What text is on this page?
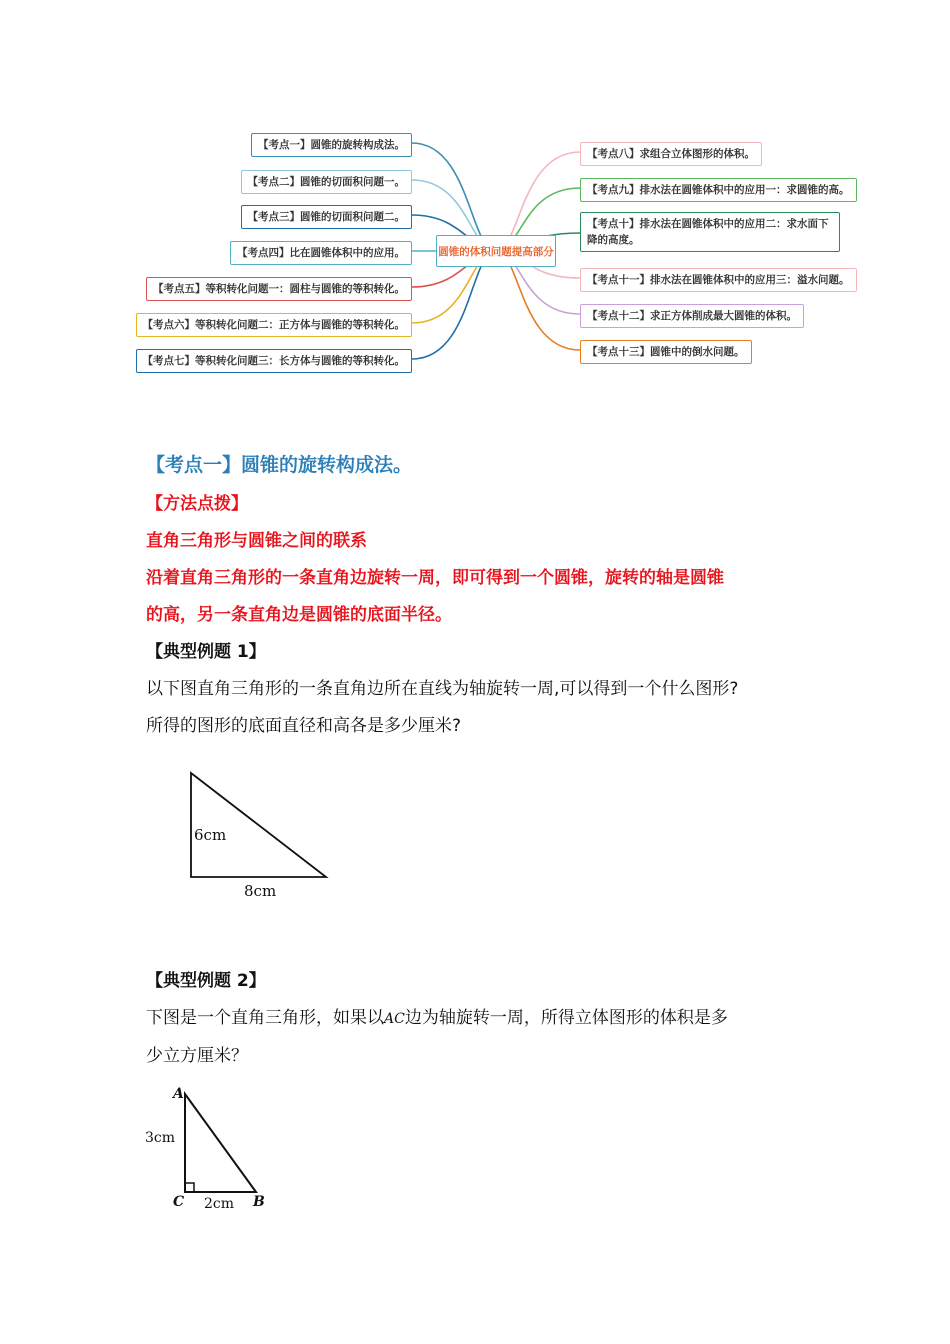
圆锥的体积问题提高部分
【考点一】圆锥的旋转构成法。
【考点二】圆锥的切面积问题一。
【考点三】圆锥的切面积问题二。
【考点四】比在圆锥体积中的应用。
【考点五】等积转化问题一：圆柱与圆锥的等积转化。
【考点六】等积转化问题二：正方体与圆锥的等积转化。
【考点七】等积转化问题三：长方体与圆锥的等积转化。
【考点八】求组合立体图形的体积。
【考点九】排水法在圆锥体积中的应用一：求圆锥的高。
【考点十】排水法在圆锥体积中的应用二：求水面下降的高度。
【考点十一】排水法在圆锥体积中的应用三：溢水问题。
【考点十二】求正方体削成最大圆锥的体积。
【考点十三】圆锥中的倒水问题。

【考点一】圆锥的旋转构成法。

【方法点拨】

直角三角形与圆锥之间的联系

沿着直角三角形的一条直角边旋转一周，即可得到一个圆锥，旋转的轴是圆锥

的高，另一条直角边是圆锥的底面半径。

【典型例题 1】

以下图直角三角形的一条直角边所在直线为轴旋转一周,可以得到一个什么图形?

所得的图形的底面直径和高各是多少厘米?

6cm
8cm

【典型例题 2】

下图是一个直角三角形，如果以AC边为轴旋转一周，所得立体图形的体积是多

少立方厘米？

A
C	B
3cm
2cm
